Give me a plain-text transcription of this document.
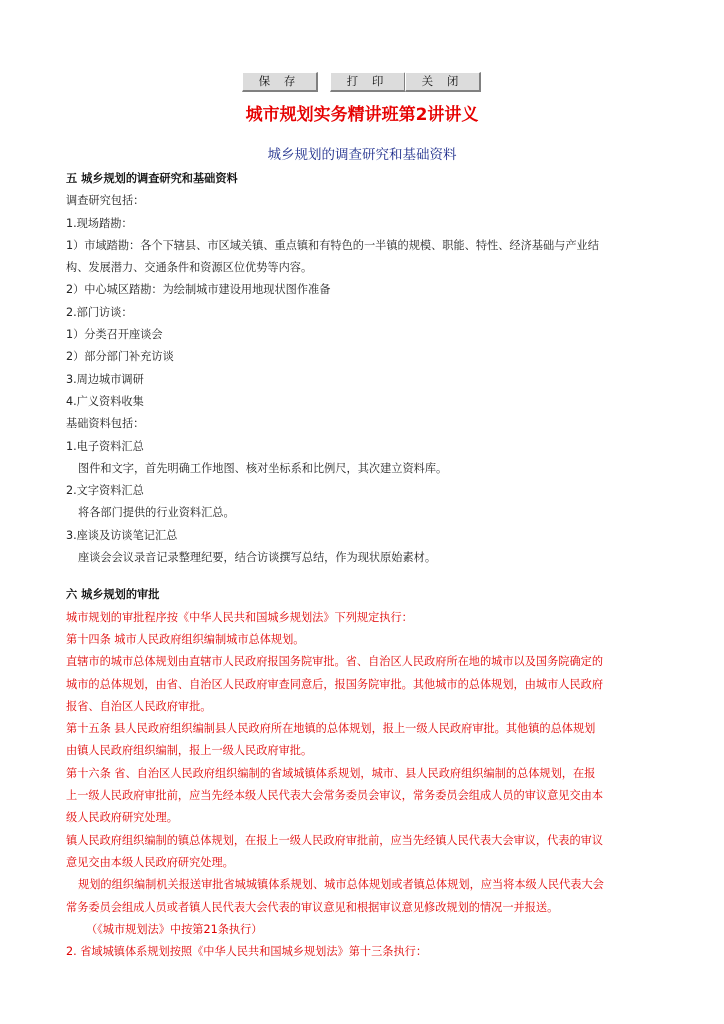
保 存	打 印	关 闭
城市规划实务精讲班第2讲讲义
城乡规划的调查研究和基础资料
五 城乡规划的调查研究和基础资料
调查研究包括：
1.现场踏勘：
1）市域踏勘：各个下辖县、市区域关镇、重点镇和有特色的一半镇的规模、职能、特性、经济基础与产业结
构、发展潜力、交通条件和资源区位优势等内容。
2）中心城区踏勘：为绘制城市建设用地现状图作准备
2.部门访谈：
1）分类召开座谈会
2）部分部门补充访谈
3.周边城市调研
4.广义资料收集
基础资料包括：
1.电子资料汇总
图件和文字，首先明确工作地图、核对坐标系和比例尺，其次建立资料库。
2.文字资料汇总
将各部门提供的行业资料汇总。
3.座谈及访谈笔记汇总
座谈会会议录音记录整理纪要，结合访谈撰写总结，作为现状原始素材。
六 城乡规划的审批
城市规划的审批程序按《中华人民共和国城乡规划法》下列规定执行：
第十四条 城市人民政府组织编制城市总体规划。
直辖市的城市总体规划由直辖市人民政府报国务院审批。省、自治区人民政府所在地的城市以及国务院确定的
城市的总体规划，由省、自治区人民政府审查同意后，报国务院审批。其他城市的总体规划，由城市人民政府
报省、自治区人民政府审批。
第十五条 县人民政府组织编制县人民政府所在地镇的总体规划，报上一级人民政府审批。其他镇的总体规划
由镇人民政府组织编制，报上一级人民政府审批。
第十六条 省、自治区人民政府组织编制的省域城镇体系规划，城市、县人民政府组织编制的总体规划，在报
上一级人民政府审批前，应当先经本级人民代表大会常务委员会审议，常务委员会组成人员的审议意见交由本
级人民政府研究处理。
镇人民政府组织编制的镇总体规划，在报上一级人民政府审批前，应当先经镇人民代表大会审议，代表的审议
意见交由本级人民政府研究处理。
规划的组织编制机关报送审批省城城镇体系规划、城市总体规划或者镇总体规划，应当将本级人民代表大会
常务委员会组成人员或者镇人民代表大会代表的审议意见和根据审议意见修改规划的情况一并报送。
（《城市规划法》中按第21条执行）
2. 省域城镇体系规划按照《中华人民共和国城乡规划法》第十三条执行：
